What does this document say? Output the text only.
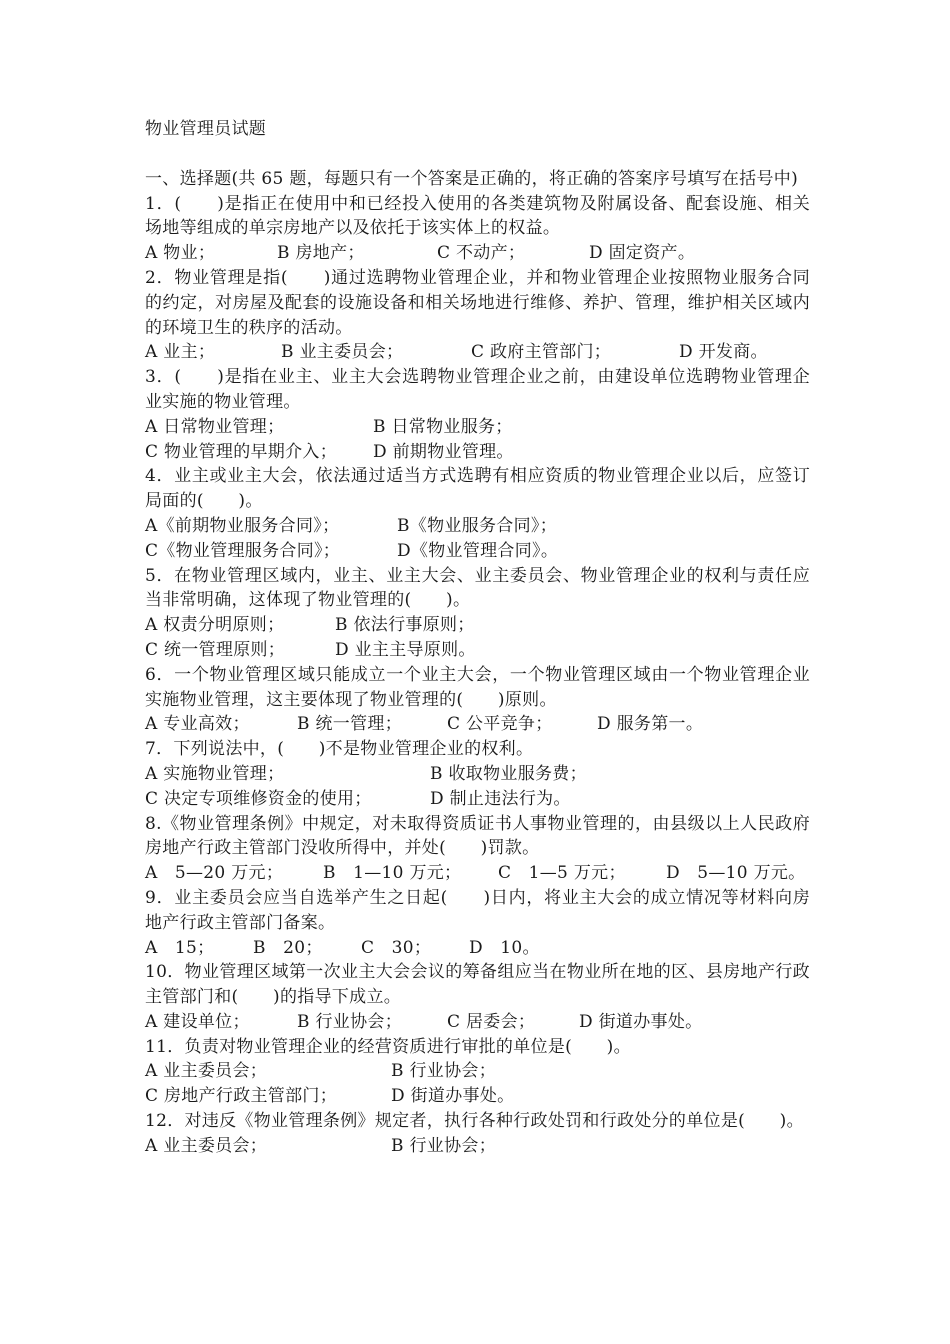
物业管理员试题

一、选择题(共 65 题，每题只有一个答案是正确的，将正确的答案序号填写在括号中)

1．(　　)是指正在使用中和已经投入使用的各类建筑物及附属设备、配套设施、相关场地等组成的单宗房地产以及依托于该实体上的权益。

A 物业；	B 房地产；	C 不动产；	D 固定资产。

2．物业管理是指(　　)通过选聘物业管理企业，并和物业管理企业按照物业服务合同的约定，对房屋及配套的设施设备和相关场地进行维修、养护、管理，维护相关区域内的环境卫生的秩序的活动。

A 业主；	B 业主委员会；	C 政府主管部门；	D 开发商。

3．(　　)是指在业主、业主大会选聘物业管理企业之前，由建设单位选聘物业管理企业实施的物业管理。

A 日常物业管理；	B 日常物业服务；
C 物业管理的早期介入；	D 前期物业管理。

4．业主或业主大会，依法通过适当方式选聘有相应资质的物业管理企业以后，应签订局面的(　　)。

A《前期物业服务合同》；	B《物业服务合同》；
C《物业管理服务合同》；	D《物业管理合同》。

5．在物业管理区域内，业主、业主大会、业主委员会、物业管理企业的权利与责任应当非常明确，这体现了物业管理的(　　)。

A 权责分明原则；	B 依法行事原则；
C 统一管理原则；	D 业主主导原则。

6．一个物业管理区域只能成立一个业主大会，一个物业管理区域由一个物业管理企业实施物业管理，这主要体现了物业管理的(　　)原则。

A 专业高效；	B 统一管理；	C 公平竞争；	D 服务第一。

7．下列说法中，(　　)不是物业管理企业的权利。

A 实施物业管理；	B 收取物业服务费；
C 决定专项维修资金的使用；	D 制止违法行为。

8.《物业管理条例》中规定，对未取得资质证书人事物业管理的，由县级以上人民政府房地产行政主管部门没收所得中，并处(　　)罚款。

A　5—20 万元；	B　1—10 万元；	C　1—5 万元；	D　5—10 万元。

9．业主委员会应当自选举产生之日起(　　)日内，将业主大会的成立情况等材料向房地产行政主管部门备案。

A　15；	B　20；	C　30；	D　10。

10．物业管理区域第一次业主大会会议的筹备组应当在物业所在地的区、县房地产行政主管部门和(　　)的指导下成立。

A 建设单位；	B 行业协会；	C 居委会；	D 街道办事处。

11．负责对物业管理企业的经营资质进行审批的单位是(　　)。

A 业主委员会；	B 行业协会；
C 房地产行政主管部门；	D 街道办事处。

12．对违反《物业管理条例》规定者，执行各种行政处罚和行政处分的单位是(　　)。

A 业主委员会；	B 行业协会；
